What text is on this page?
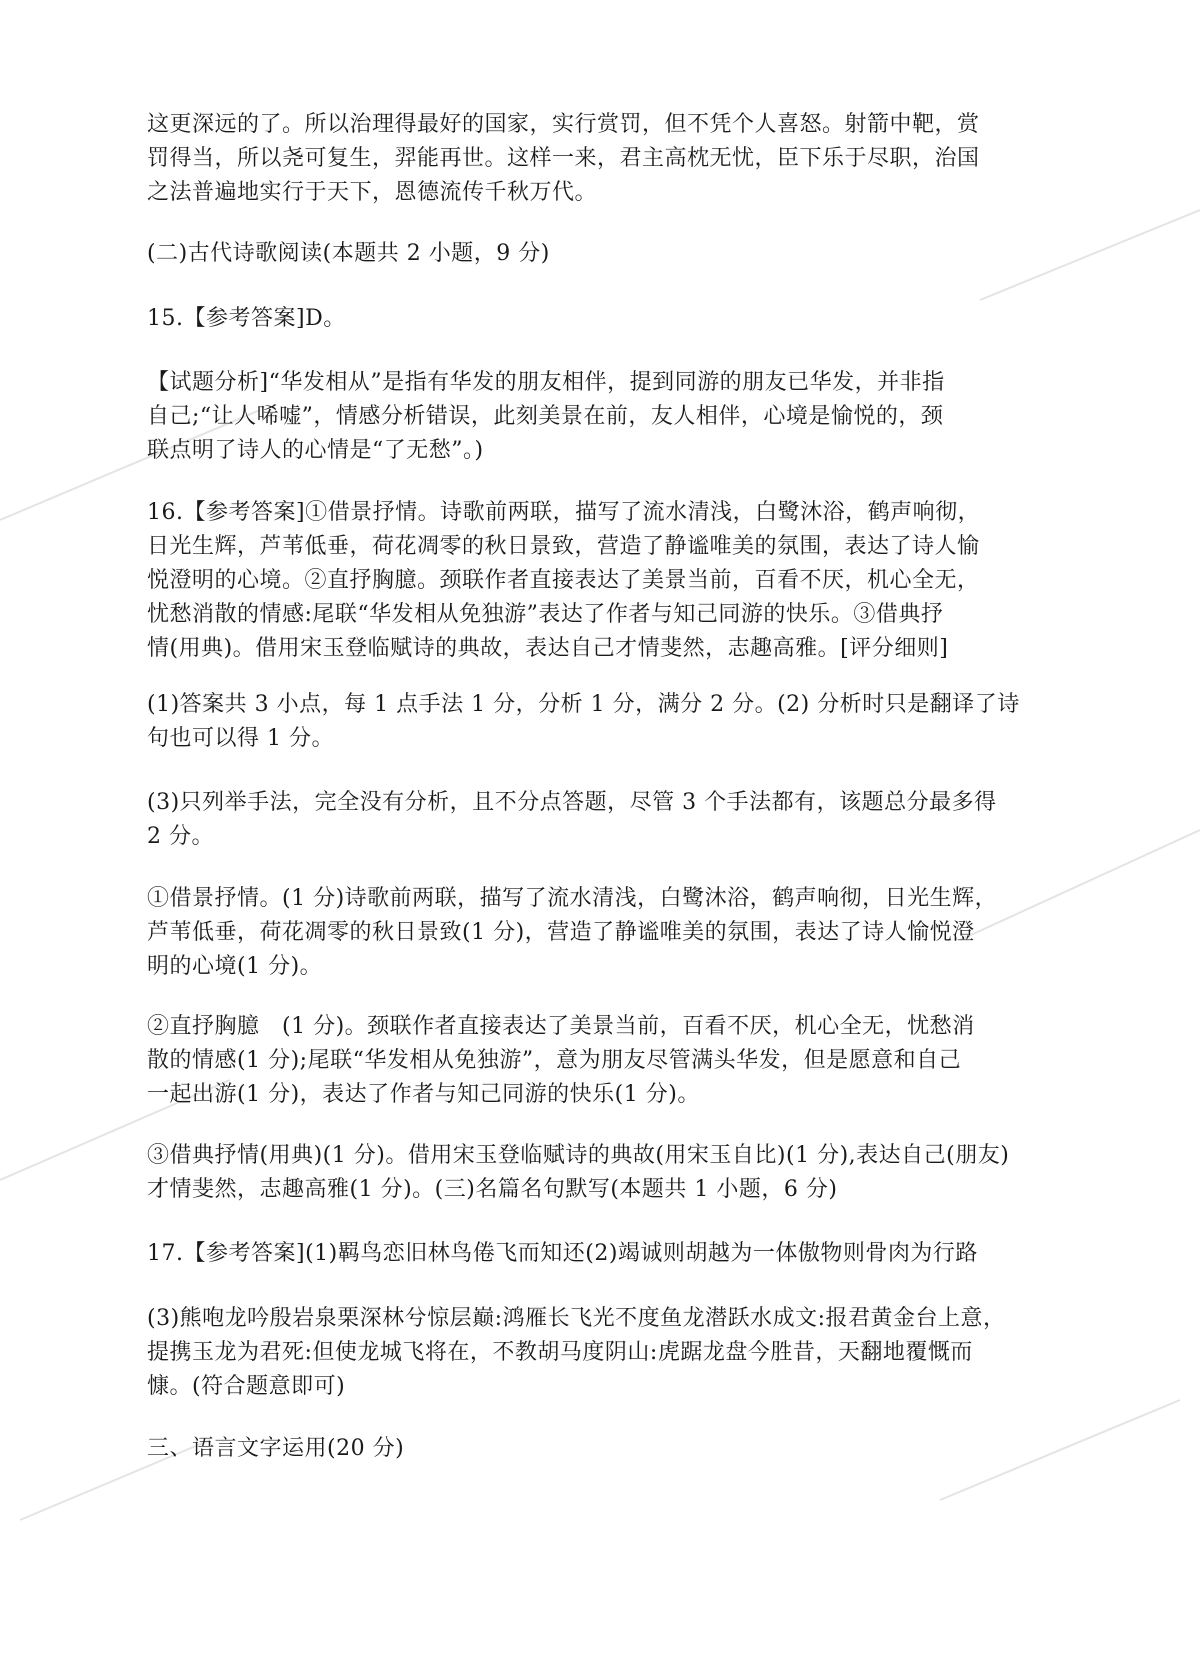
这更深远的了。所以治理得最好的国家，实行赏罚，但不凭个人喜怒。射箭中靶，赏
罚得当，所以尧可复生，羿能再世。这样一来，君主高枕无忧，臣下乐于尽职，治国
之法普遍地实行于天下，恩德流传千秋万代。

(二)古代诗歌阅读(本题共 2 小题，9 分)

15.【参考答案]D。

【试题分析]“华发相从”是指有华发的朋友相伴，提到同游的朋友已华发，并非指
自己;“让人唏嘘”，情感分析错误，此刻美景在前，友人相伴，心境是愉悦的，颈
联点明了诗人的心情是“了无愁”。)

16.【参考答案]①借景抒情。诗歌前两联，描写了流水清浅，白鹭沐浴，鹤声响彻，
日光生辉，芦苇低垂，荷花凋零的秋日景致，营造了静谧唯美的氛围，表达了诗人愉
悦澄明的心境。②直抒胸臆。颈联作者直接表达了美景当前，百看不厌，机心全无，
忧愁消散的情感:尾联“华发相从免独游”表达了作者与知己同游的快乐。③借典抒
情(用典)。借用宋玉登临赋诗的典故，表达自己才情斐然，志趣高雅。[评分细则]

(1)答案共 3 小点，每 1 点手法 1 分，分析 1 分，满分 2 分。(2) 分析时只是翻译了诗
句也可以得 1 分。

(3)只列举手法，完全没有分析，且不分点答题，尽管 3 个手法都有，该题总分最多得
2 分。

①借景抒情。(1 分)诗歌前两联，描写了流水清浅，白鹭沐浴，鹤声响彻，日光生辉，
芦苇低垂，荷花凋零的秋日景致(1 分)，营造了静谧唯美的氛围，表达了诗人愉悦澄
明的心境(1 分)。

②直抒胸臆　(1 分)。颈联作者直接表达了美景当前，百看不厌，机心全无，忧愁消
散的情感(1 分);尾联“华发相从免独游”，意为朋友尽管满头华发，但是愿意和自己
一起出游(1 分)，表达了作者与知己同游的快乐(1 分)。

③借典抒情(用典)(1 分)。借用宋玉登临赋诗的典故(用宋玉自比)(1 分),表达自己(朋友)
才情斐然，志趣高雅(1 分)。(三)名篇名句默写(本题共 1 小题，6 分)

17.【参考答案](1)羁鸟恋旧林鸟倦飞而知还(2)竭诚则胡越为一体傲物则骨肉为行路

(3)熊咆龙吟殷岩泉栗深林兮惊层巅:鸿雁长飞光不度鱼龙潜跃水成文:报君黄金台上意，
提携玉龙为君死:但使龙城飞将在，不教胡马度阴山:虎踞龙盘今胜昔，天翻地覆慨而
慷。(符合题意即可)

三、语言文字运用(20 分)
